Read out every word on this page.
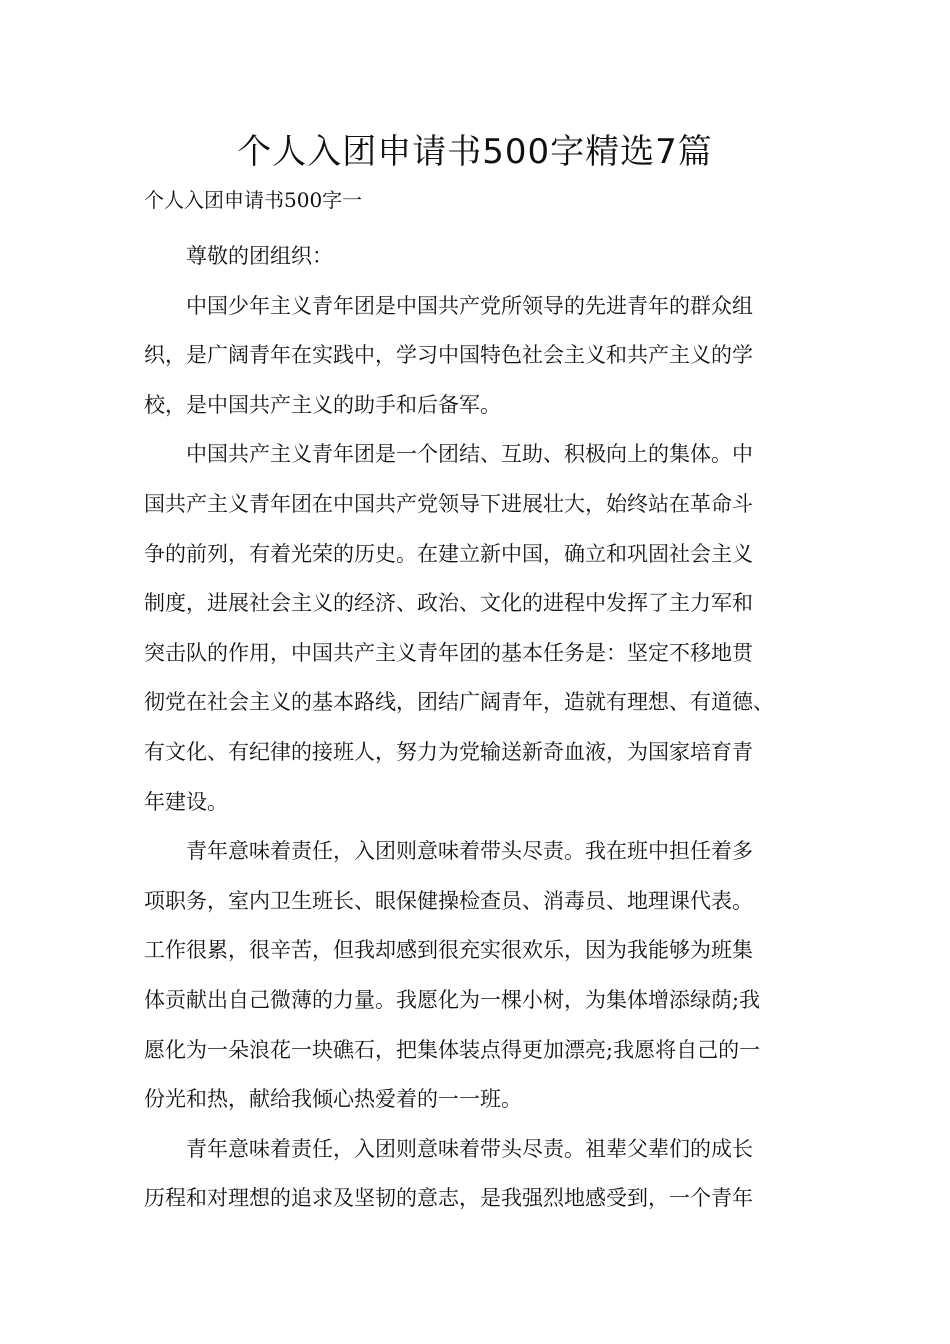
个人入团申请书500字精选7篇

个人入团申请书500字一

尊敬的团组织：

中国少年主义青年团是中国共产党所领导的先进青年的群众组
织，是广阔青年在实践中，学习中国特色社会主义和共产主义的学
校，是中国共产主义的助手和后备军。

中国共产主义青年团是一个团结、互助、积极向上的集体。中
国共产主义青年团在中国共产党领导下进展壮大，始终站在革命斗
争的前列，有着光荣的历史。在建立新中国，确立和巩固社会主义
制度，进展社会主义的经济、政治、文化的进程中发挥了主力军和
突击队的作用，中国共产主义青年团的基本任务是：坚定不移地贯
彻党在社会主义的基本路线，团结广阔青年，造就有理想、有道德、
有文化、有纪律的接班人，努力为党输送新奇血液，为国家培育青
年建设。

青年意味着责任，入团则意味着带头尽责。我在班中担任着多
项职务，室内卫生班长、眼保健操检查员、消毒员、地理课代表。
工作很累，很辛苦，但我却感到很充实很欢乐，因为我能够为班集
体贡献出自己微薄的力量。我愿化为一棵小树，为集体增添绿荫;我
愿化为一朵浪花一块礁石，把集体装点得更加漂亮;我愿将自己的一
份光和热，献给我倾心热爱着的一一班。

青年意味着责任，入团则意味着带头尽责。祖辈父辈们的成长
历程和对理想的追求及坚韧的意志，是我强烈地感受到，一个青年
